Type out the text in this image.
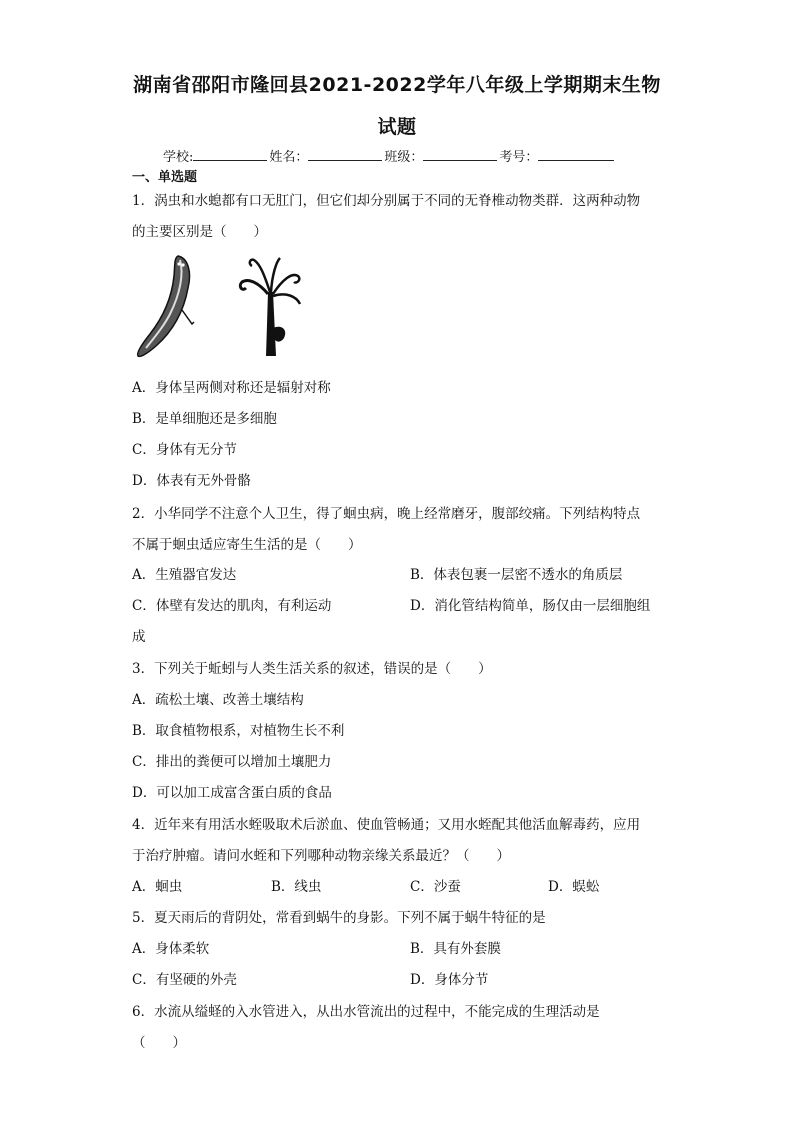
湖南省邵阳市隆回县2021-2022学年八年级上学期期末生物
试题
学校:	姓名：	班级：	考号：
一、单选题
1．涡虫和水螅都有口无肛门，但它们却分别属于不同的无脊椎动物类群．这两种动物
的主要区别是（　　）
A．身体呈两侧对称还是辐射对称
B．是单细胞还是多细胞
C．身体有无分节
D．体表有无外骨骼
2．小华同学不注意个人卫生，得了蛔虫病，晚上经常磨牙，腹部绞痛。下列结构特点
不属于蛔虫适应寄生生活的是（　　）
A．生殖器官发达	B．体表包裹一层密不透水的角质层
C．体壁有发达的肌肉，有利运动	D．消化管结构简单，肠仅由一层细胞组
成
3．下列关于蚯蚓与人类生活关系的叙述，错误的是（　　）
A．疏松土壤、改善土壤结构
B．取食植物根系，对植物生长不利
C．排出的粪便可以增加土壤肥力
D．可以加工成富含蛋白质的食品
4．近年来有用活水蛭吸取术后淤血、使血管畅通；又用水蛭配其他活血解毒药，应用
于治疗肿瘤。请问水蛭和下列哪种动物亲缘关系最近？（　　）
A．蛔虫	B．线虫	C．沙蚕	D．蜈蚣
5．夏天雨后的背阴处，常看到蜗牛的身影。下列不属于蜗牛特征的是
A．身体柔软	B．具有外套膜
C．有坚硬的外壳	D．身体分节
6．水流从缢蛏的入水管进入，从出水管流出的过程中，不能完成的生理活动是
（　　）
